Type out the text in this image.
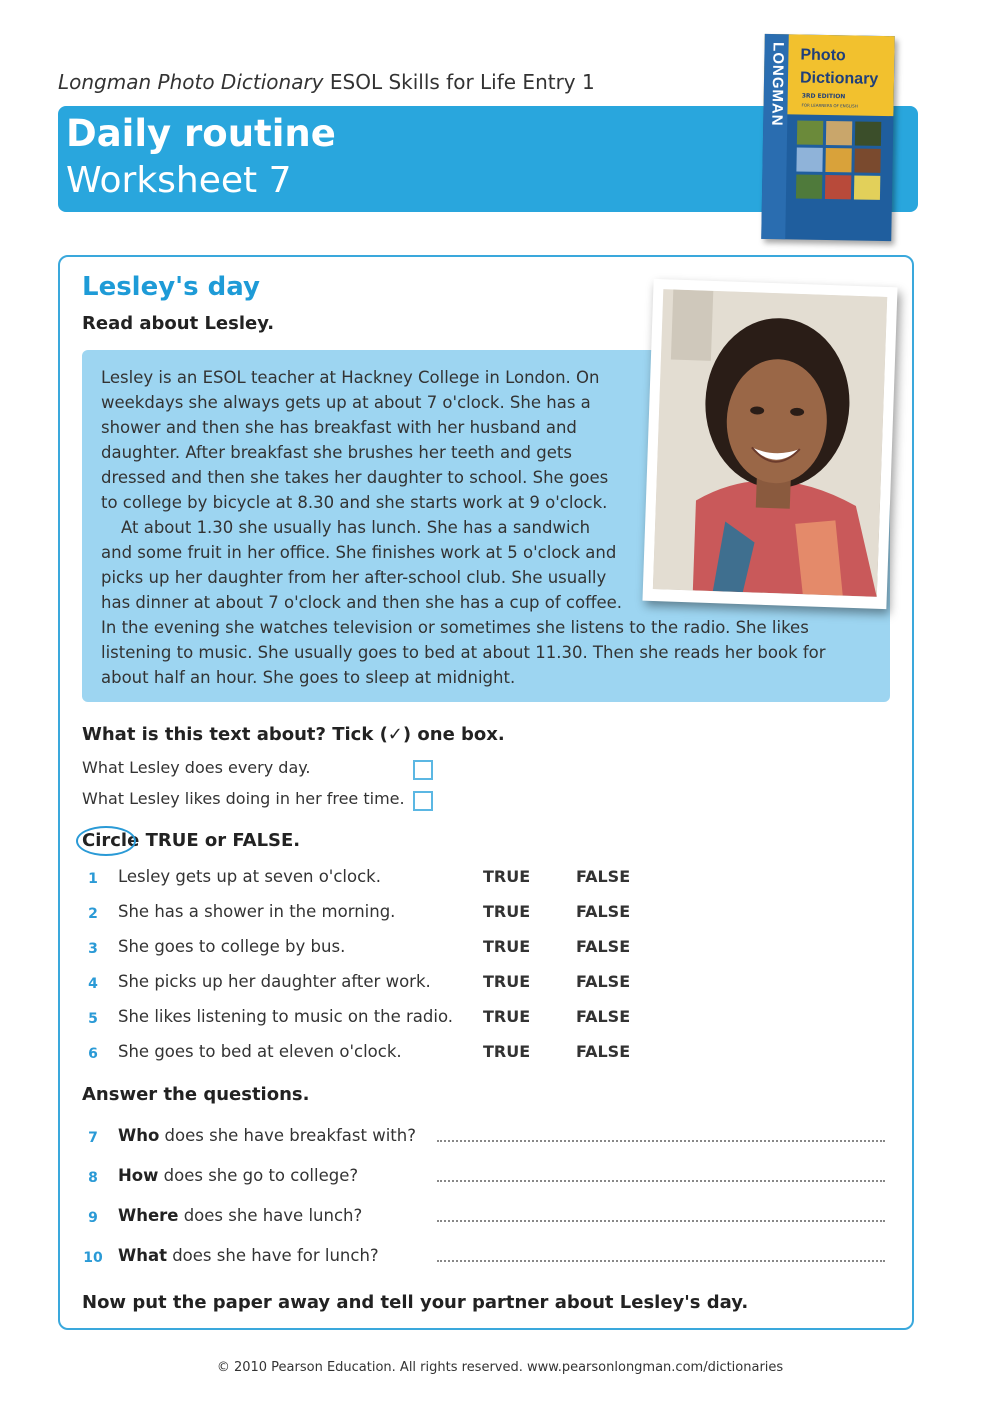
Longman Photo Dictionary ESOL Skills for Life Entry 1
Daily routine
Worksheet 7
LONGMAN Photo
Dictionary
3RD EDITION
FOR LEARNERS OF ENGLISH
Lesley's day
Read about Lesley.

Lesley is an ESOL teacher at Hackney College in London. On weekdays she always gets up at about 7 o'clock. She has a shower and then she has breakfast with her husband and daughter. After breakfast she brushes her teeth and gets dressed and then she takes her daughter to school. She goes to college by bicycle at 8.30 and she starts work at 9 o'clock.

At about 1.30 she usually has lunch. She has a sandwich and some fruit in her office. She finishes work at 5 o'clock and picks up her daughter from her after-school club. She usually has dinner at about 7 o'clock and then she has a cup of coffee. In the evening she watches television or sometimes she listens to the radio. She likes listening to music. She usually goes to bed at about 11.30. Then she reads her book for about half an hour. She goes to sleep at midnight.

What is this text about? Tick (✓) one box.
What Lesley does every day.
What Lesley likes doing in her free time.
Circle TRUE or FALSE.
1	Lesley gets up at seven o'clock.	TRUE	FALSE
2	She has a shower in the morning.	TRUE	FALSE
3	She goes to college by bus.	TRUE	FALSE
4	She picks up her daughter after work.	TRUE	FALSE
5	She likes listening to music on the radio. TRUE	FALSE
6	She goes to bed at eleven o'clock.	TRUE	FALSE
Answer the questions.
7	Who does she have breakfast with?
8	How does she go to college?
9	Where does she have lunch?
10 What does she have for lunch?
Now put the paper away and tell your partner about Lesley's day.
© 2010 Pearson Education. All rights reserved. www.pearsonlongman.com/dictionaries
